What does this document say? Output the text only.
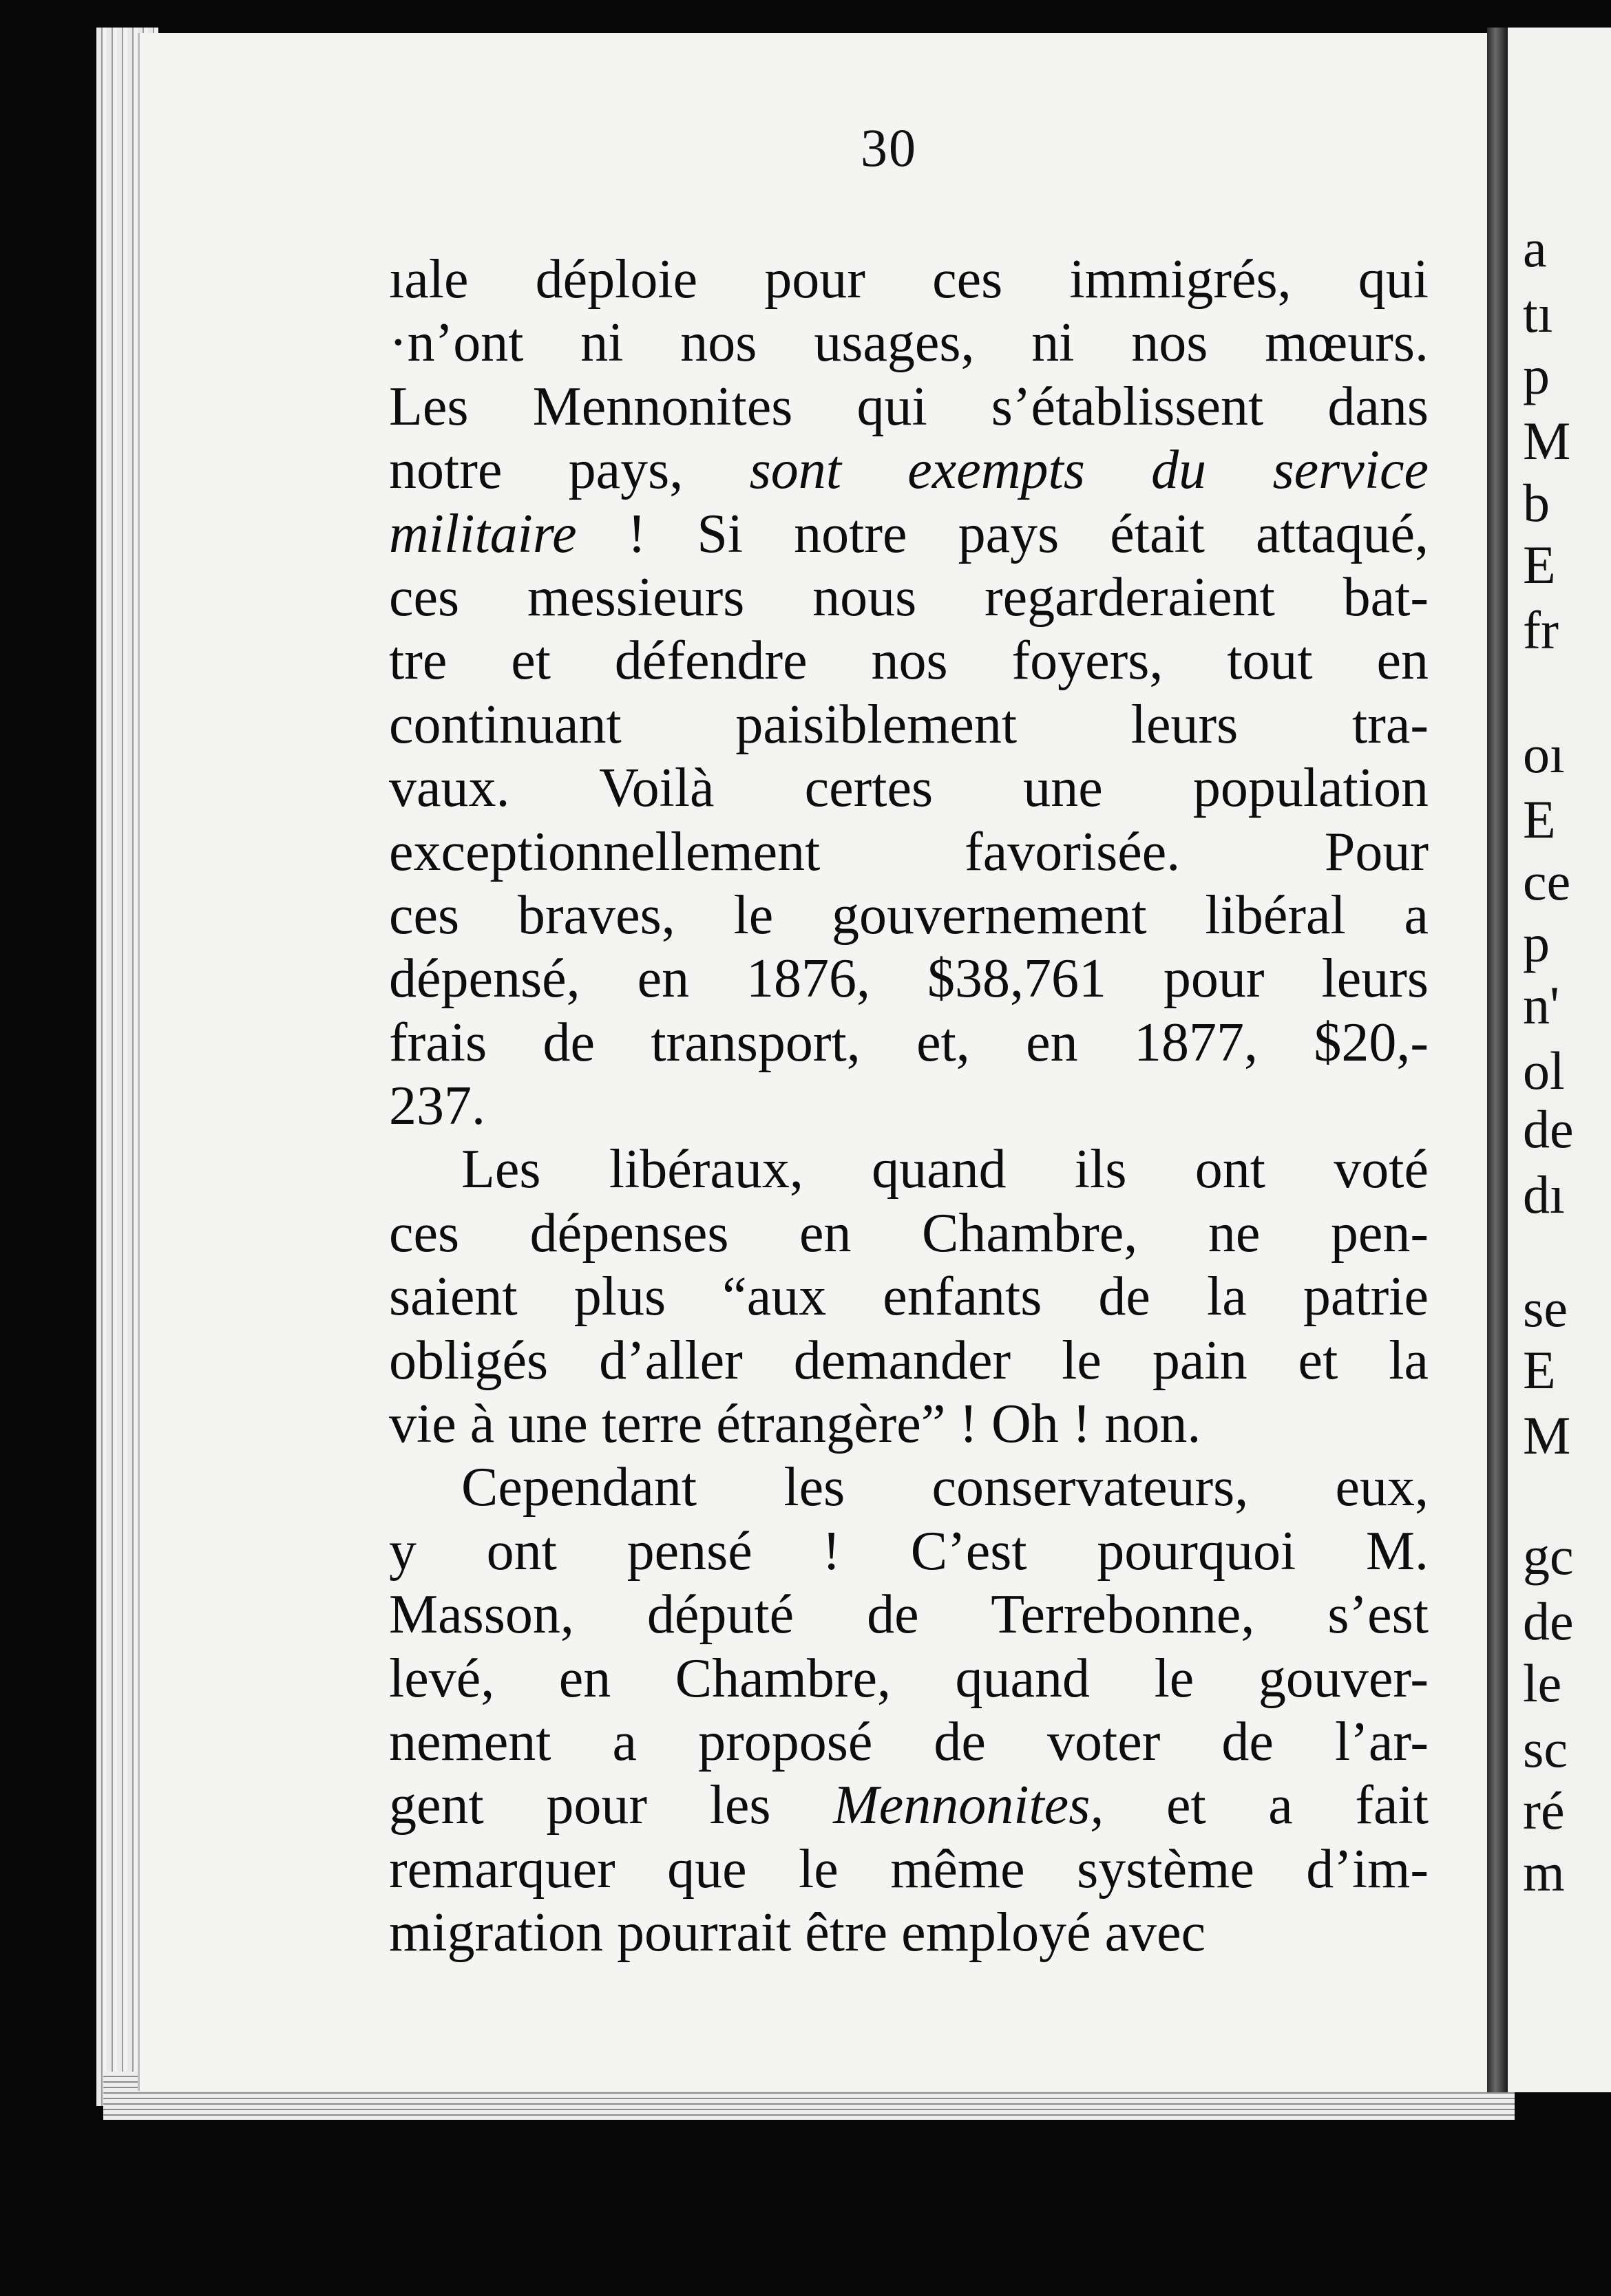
a
tı
p
M
b
E
fr
oı
E
ce
p
n'
ol
de
dı
se
E
M
gc
de
le
sc
ré
m
30
ıale déploie pour ces immigrés, qui
·n’ont ni nos usages, ni nos mœurs.
Les Mennonites qui s’établissent dans
notre pays, sont exempts du service
militaire ! Si notre pays était attaqué,
ces messieurs nous regarderaient bat-
tre et défendre nos foyers, tout en
continuant paisiblement leurs tra-
vaux. Voilà certes une population
exceptionnellement favorisée. Pour
ces braves, le gouvernement libéral a
dépensé, en 1876, $38,761 pour leurs
frais de transport, et, en 1877, $20,-
237.
Les libéraux, quand ils ont voté
ces dépenses en Chambre, ne pen-
saient plus “aux enfants de la patrie
obligés d’aller demander le pain et la
vie à une terre étrangère” ! Oh ! non.
Cependant les conservateurs, eux,
y ont pensé ! C’est pourquoi M.
Masson, député de Terrebonne, s’est
levé, en Chambre, quand le gouver-
nement a proposé de voter de l’ar-
gent pour les Mennonites, et a fait
remarquer que le même système d’im-
migration pourrait être employé avec
